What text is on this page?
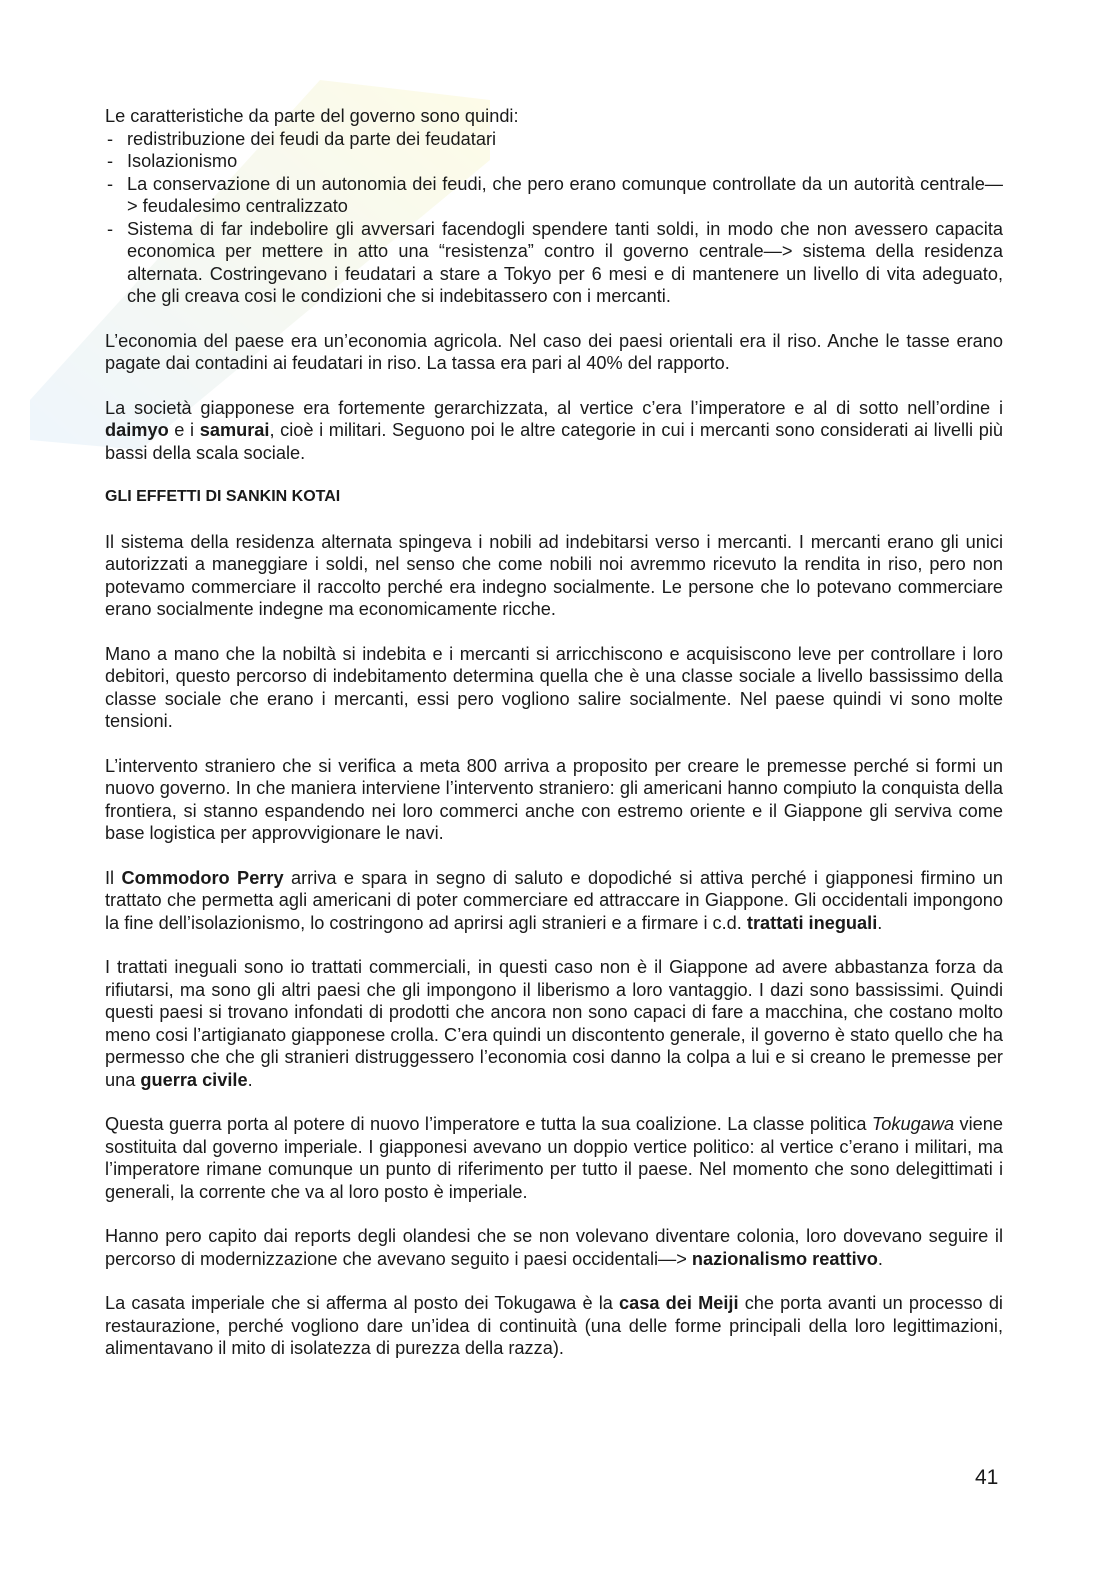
Le caratteristiche da parte del governo sono quindi:

- redistribuzione dei feudi da parte dei feudatari
- Isolazionismo
- La conservazione di un autonomia dei feudi, che pero erano comunque controllate da un autorità centrale—> feudalesimo centralizzato
- Sistema di far indebolire gli avversari facendogli spendere tanti soldi, in modo che non avessero capacita economica per mettere in atto una “resistenza” contro il governo centrale—> sistema della residenza alternata. Costringevano i feudatari a stare a Tokyo per 6 mesi e di mantenere un livello di vita adeguato, che gli creava cosi le condizioni che si indebitassero con i mercanti.

L’economia del paese era un’economia agricola. Nel caso dei paesi orientali era il riso. Anche le tasse erano pagate dai contadini ai feudatari in riso. La tassa era pari al 40% del rapporto.

La società giapponese era fortemente gerarchizzata, al vertice c’era l’imperatore e al di sotto nell’ordine i daimyo e i samurai, cioè i militari. Seguono poi le altre categorie in cui i mercanti sono considerati ai livelli più bassi della scala sociale.

GLI EFFETTI DI SANKIN KOTAI

Il sistema della residenza alternata spingeva i nobili ad indebitarsi verso i mercanti. I mercanti erano gli unici autorizzati a maneggiare i soldi, nel senso che come nobili noi avremmo ricevuto la rendita in riso, pero non potevamo commerciare il raccolto perché era indegno socialmente. Le persone che lo potevano commerciare erano socialmente indegne ma economicamente ricche.

Mano a mano che la nobiltà si indebita e i mercanti si arricchiscono e acquisiscono leve per controllare i loro debitori, questo percorso di indebitamento determina quella che è una classe sociale a livello bassissimo della classe sociale che erano i mercanti, essi pero vogliono salire socialmente. Nel paese quindi vi sono molte tensioni.

L’intervento straniero che si verifica a meta 800 arriva a proposito per creare le premesse perché si formi un nuovo governo. In che maniera interviene l’intervento straniero: gli americani hanno compiuto la conquista della frontiera, si stanno espandendo nei loro commerci anche con estremo oriente e il Giappone gli serviva come base logistica per approvvigionare le navi.

Il Commodoro Perry arriva e spara in segno di saluto e dopodiché si attiva perché i giapponesi firmino un trattato che permetta agli americani di poter commerciare ed attraccare in Giappone. Gli occidentali impongono la fine dell’isolazionismo, lo costringono ad aprirsi agli stranieri e a firmare i c.d. trattati ineguali.

I trattati ineguali sono io trattati commerciali, in questi caso non è il Giappone ad avere abbastanza forza da rifiutarsi, ma sono gli altri paesi che gli impongono il liberismo a loro vantaggio. I dazi sono bassissimi. Quindi questi paesi si trovano infondati di prodotti che ancora non sono capaci di fare a macchina, che costano molto meno cosi l’artigianato giapponese crolla. C’era quindi un discontento generale, il governo è stato quello che ha permesso che che gli stranieri distruggessero l’economia cosi danno la colpa a lui e si creano le premesse per una guerra civile.

Questa guerra porta al potere di nuovo l’imperatore e tutta la sua coalizione. La classe politica Tokugawa viene sostituita dal governo imperiale. I giapponesi avevano un doppio vertice politico: al vertice c’erano i militari, ma l’imperatore rimane comunque un punto di riferimento per tutto il paese. Nel momento che sono delegittimati i generali, la corrente che va al loro posto è imperiale.

Hanno pero capito dai reports degli olandesi che se non volevano diventare colonia, loro dovevano seguire il percorso di modernizzazione che avevano seguito i paesi occidentali—> nazionalismo reattivo.

La casata imperiale che si afferma al posto dei Tokugawa è la casa dei Meiji che porta avanti un processo di restaurazione, perché vogliono dare un’idea di continuità (una delle forme principali della loro legittimazioni, alimentavano il mito di isolatezza di purezza della razza).

41
